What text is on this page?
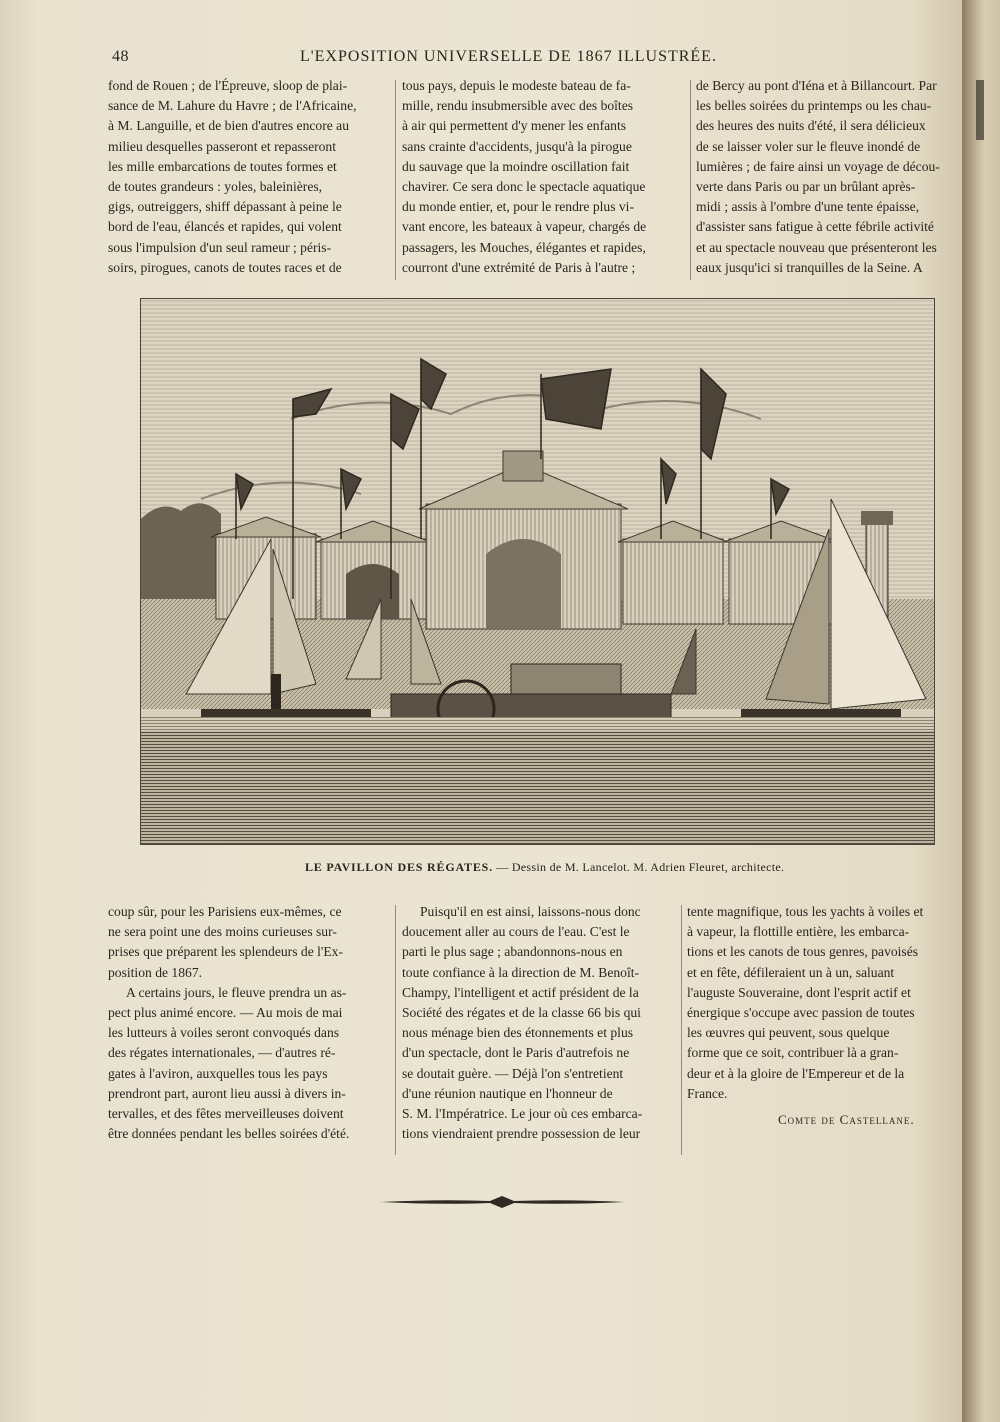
48	L'EXPOSITION UNIVERSELLE DE 1867 ILLUSTRÉE.

fond de Rouen ; de l'Épreuve, sloop de plai-

sance de M. Lahure du Havre ; de l'Africaine,

à M. Languille, et de bien d'autres encore au

milieu desquelles passeront et repasseront

les mille embarcations de toutes formes et

de toutes grandeurs : yoles, baleinières,

gigs, outreiggers, shiff dépassant à peine le

bord de l'eau, élancés et rapides, qui volent

sous l'impulsion d'un seul rameur ; péris-

soirs, pirogues, canots de toutes races et de

tous pays, depuis le modeste bateau de fa-

mille, rendu insubmersible avec des boîtes

à air qui permettent d'y mener les enfants

sans crainte d'accidents, jusqu'à la pirogue

du sauvage que la moindre oscillation fait

chavirer. Ce sera donc le spectacle aquatique

du monde entier, et, pour le rendre plus vi-

vant encore, les bateaux à vapeur, chargés de

passagers, les Mouches, élégantes et rapides,

courront d'une extrémité de Paris à l'autre ;

de Bercy au pont d'Iéna et à Billancourt. Par

les belles soirées du printemps ou les chau-

des heures des nuits d'été, il sera délicieux

de se laisser voler sur le fleuve inondé de

lumières ; de faire ainsi un voyage de décou-

verte dans Paris ou par un brûlant après-

midi ; assis à l'ombre d'une tente épaisse,

d'assister sans fatigue à cette fébrile activité

et au spectacle nouveau que présenteront les

eaux jusqu'ici si tranquilles de la Seine. A

LE PAVILLON DES RÉGATES. — Dessin de M. Lancelot. M. Adrien Fleuret, architecte.

coup sûr, pour les Parisiens eux-mêmes, ce

ne sera point une des moins curieuses sur-

prises que préparent les splendeurs de l'Ex-

position de 1867.

A certains jours, le fleuve prendra un as-

pect plus animé encore. — Au mois de mai

les lutteurs à voiles seront convoqués dans

des régates internationales, — d'autres ré-

gates à l'aviron, auxquelles tous les pays

prendront part, auront lieu aussi à divers in-

tervalles, et des fêtes merveilleuses doivent

être données pendant les belles soirées d'été.

Puisqu'il en est ainsi, laissons-nous donc

doucement aller au cours de l'eau. C'est le

parti le plus sage ; abandonnons-nous en

toute confiance à la direction de M. Benoît-

Champy, l'intelligent et actif président de la

Société des régates et de la classe 66 bis qui

nous ménage bien des étonnements et plus

d'un spectacle, dont le Paris d'autrefois ne

se doutait guère. — Déjà l'on s'entretient

d'une réunion nautique en l'honneur de

S. M. l'Impératrice. Le jour où ces embarca-

tions viendraient prendre possession de leur

tente magnifique, tous les yachts à voiles et

à vapeur, la flottille entière, les embarca-

tions et les canots de tous genres, pavoisés

et en fête, défileraient un à un, saluant

l'auguste Souveraine, dont l'esprit actif et

énergique s'occupe avec passion de toutes

les œuvres qui peuvent, sous quelque

forme que ce soit, contribuer là a gran-

deur et à la gloire de l'Empereur et de la

France.

Comte de Castellane.
